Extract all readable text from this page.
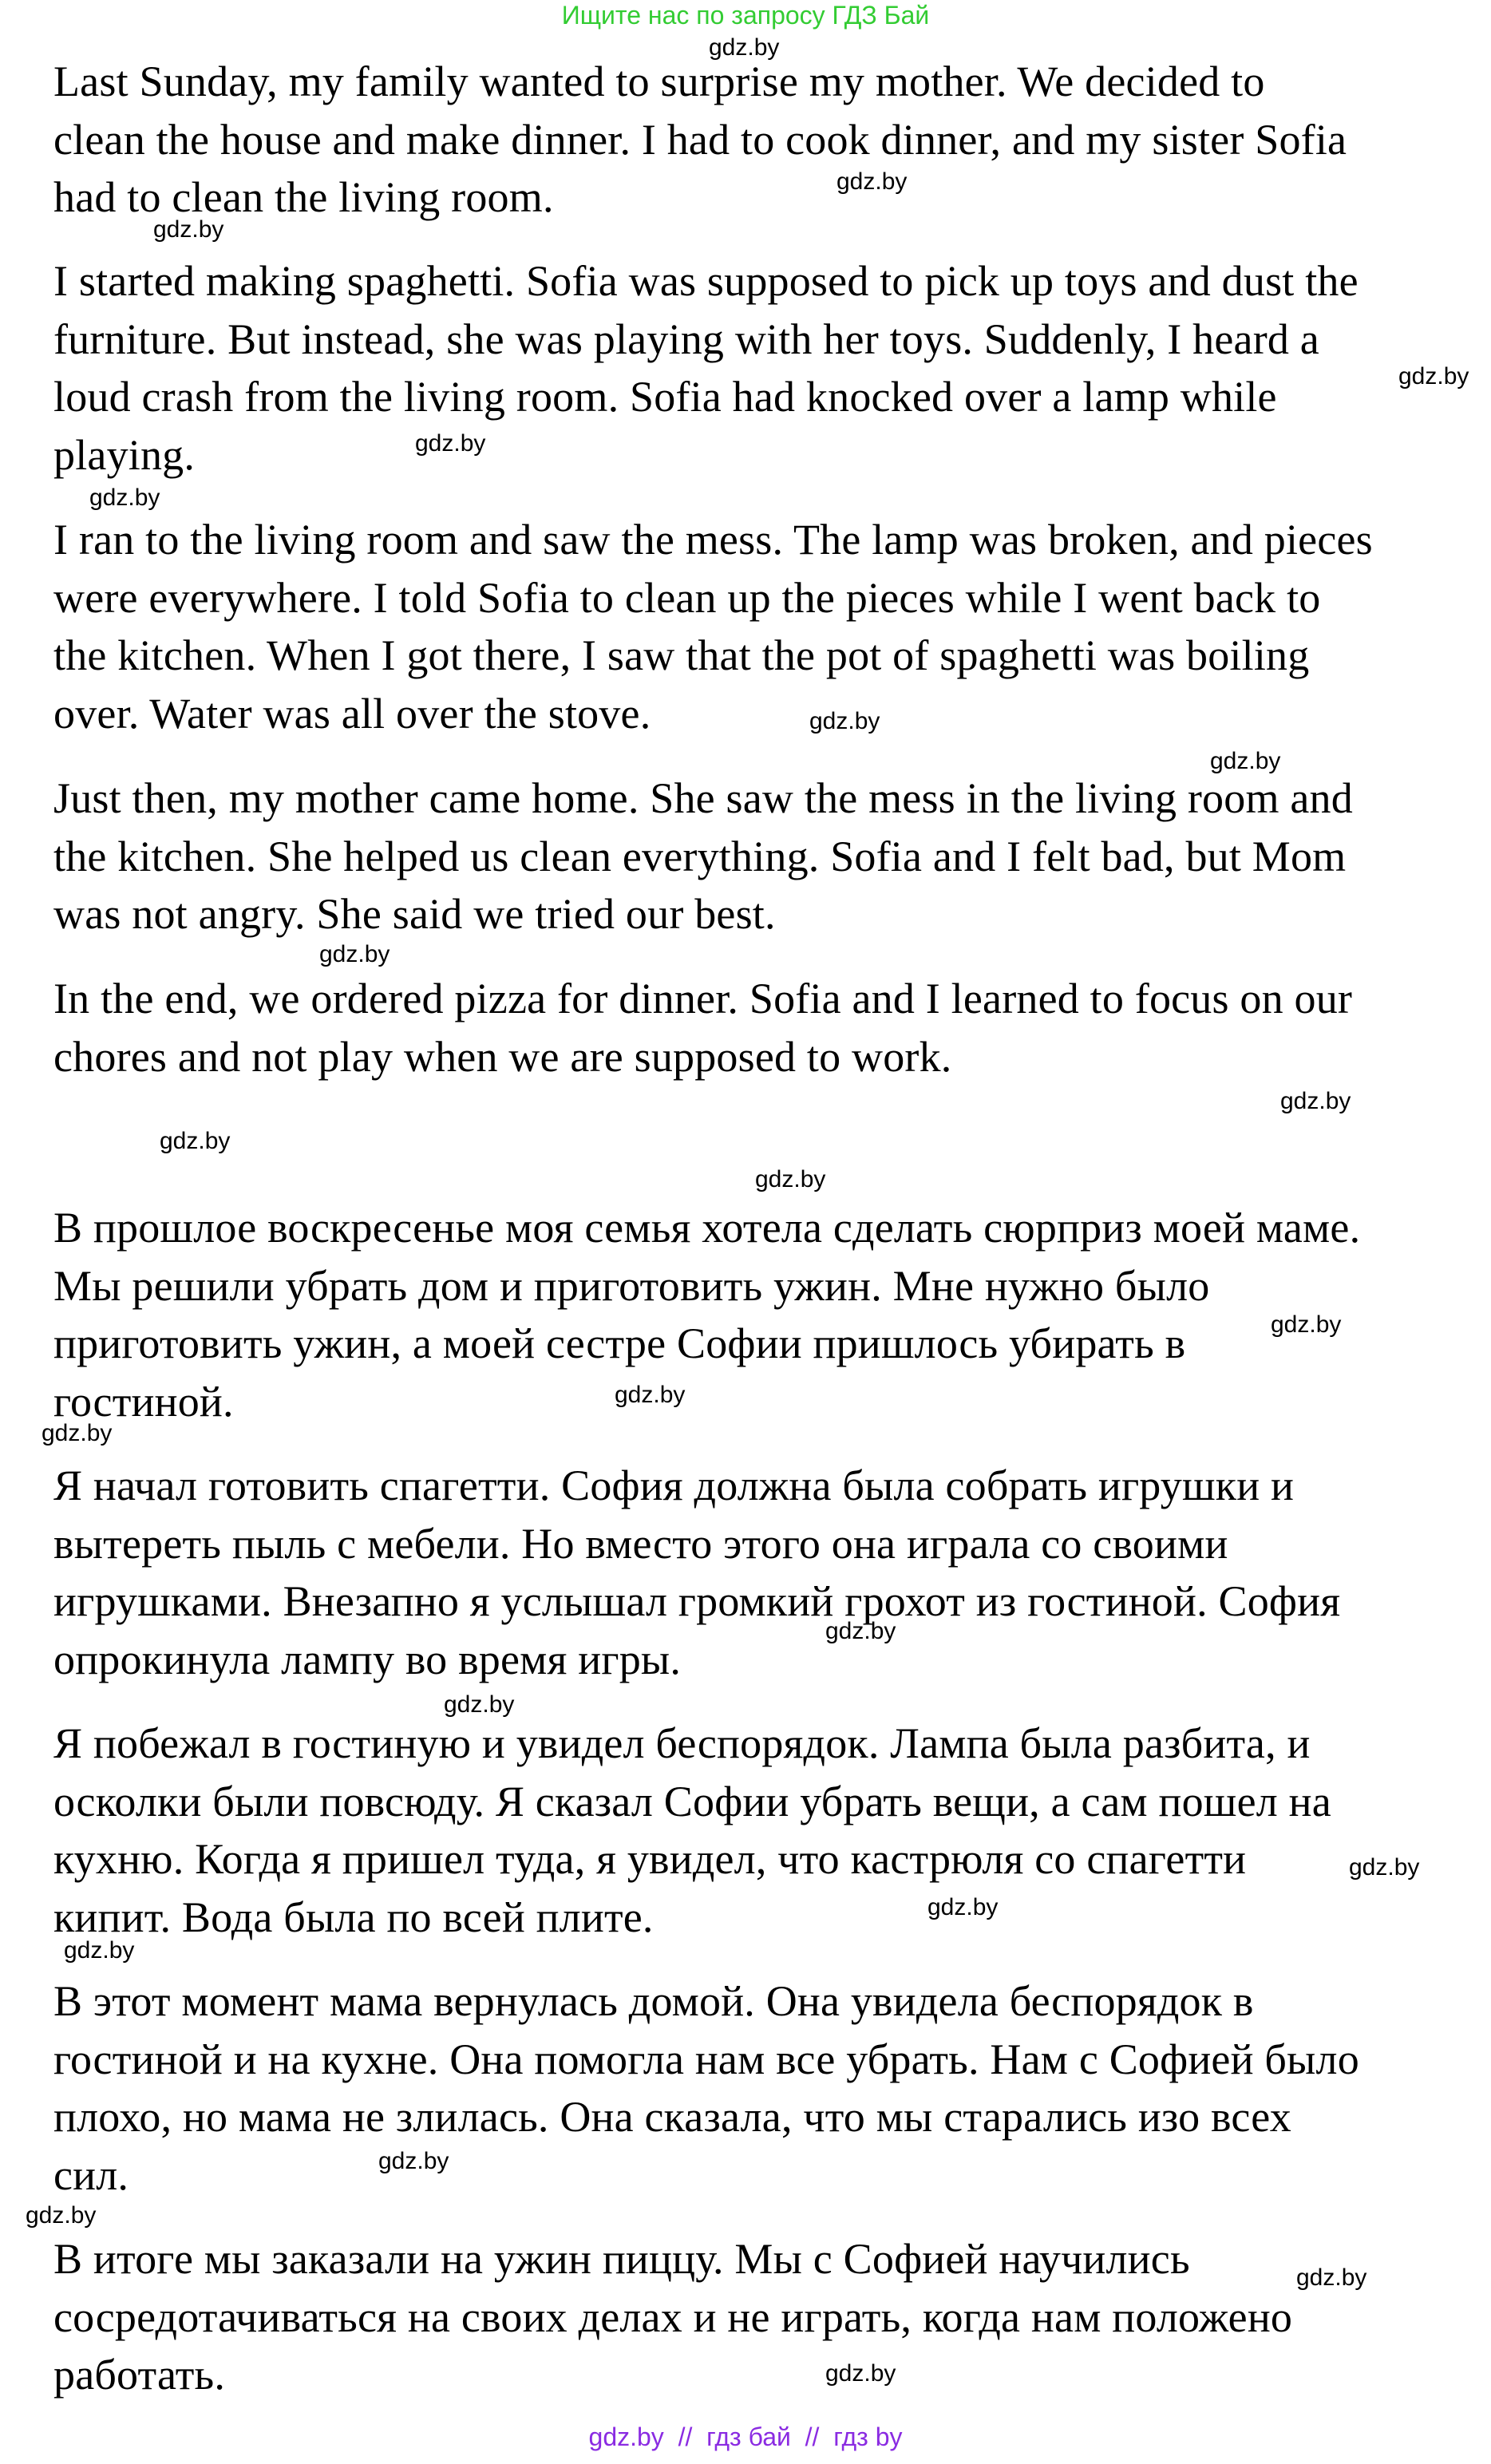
Ищите нас по запросу ГДЗ Бай

Last Sunday, my family wanted to surprise my mother. We decided to
clean the house and make dinner. I had to cook dinner, and my sister Sofia
had to clean the living room.

I started making spaghetti. Sofia was supposed to pick up toys and dust the
furniture. But instead, she was playing with her toys. Suddenly, I heard a
loud crash from the living room. Sofia had knocked over a lamp while
playing.

I ran to the living room and saw the mess. The lamp was broken, and pieces
were everywhere. I told Sofia to clean up the pieces while I went back to
the kitchen. When I got there, I saw that the pot of spaghetti was boiling
over. Water was all over the stove.

Just then, my mother came home. She saw the mess in the living room and
the kitchen. She helped us clean everything. Sofia and I felt bad, but Mom
was not angry. She said we tried our best.

In the end, we ordered pizza for dinner. Sofia and I learned to focus on our
chores and not play when we are supposed to work.

В прошлое воскресенье моя семья хотела сделать сюрприз моей маме.
Мы решили убрать дом и приготовить ужин. Мне нужно было
приготовить ужин, а моей сестре Софии пришлось убирать в
гостиной.

Я начал готовить спагетти. София должна была собрать игрушки и
вытереть пыль с мебели. Но вместо этого она играла со своими
игрушками. Внезапно я услышал громкий грохот из гостиной. София
опрокинула лампу во время игры.

Я побежал в гостиную и увидел беспорядок. Лампа была разбита, и
осколки были повсюду. Я сказал Софии убрать вещи, а сам пошел на
кухню. Когда я пришел туда, я увидел, что кастрюля со спагетти
кипит. Вода была по всей плите.

В этот момент мама вернулась домой. Она увидела беспорядок в
гостиной и на кухне. Она помогла нам все убрать. Нам с Софией было
плохо, но мама не злилась. Она сказала, что мы старались изо всех
сил.

В итоге мы заказали на ужин пиццу. Мы с Софией научились
сосредотачиваться на своих делах и не играть, когда нам положено
работать.

gdz.by
gdz.by
gdz.by
gdz.by
gdz.by
gdz.by
gdz.by
gdz.by
gdz.by
gdz.by
gdz.by
gdz.by
gdz.by
gdz.by
gdz.by
gdz.by
gdz.by
gdz.by
gdz.by
gdz.by
gdz.by
gdz.by
gdz.by
gdz.by
gdz.by  //  гдз бай  //  гдз by
